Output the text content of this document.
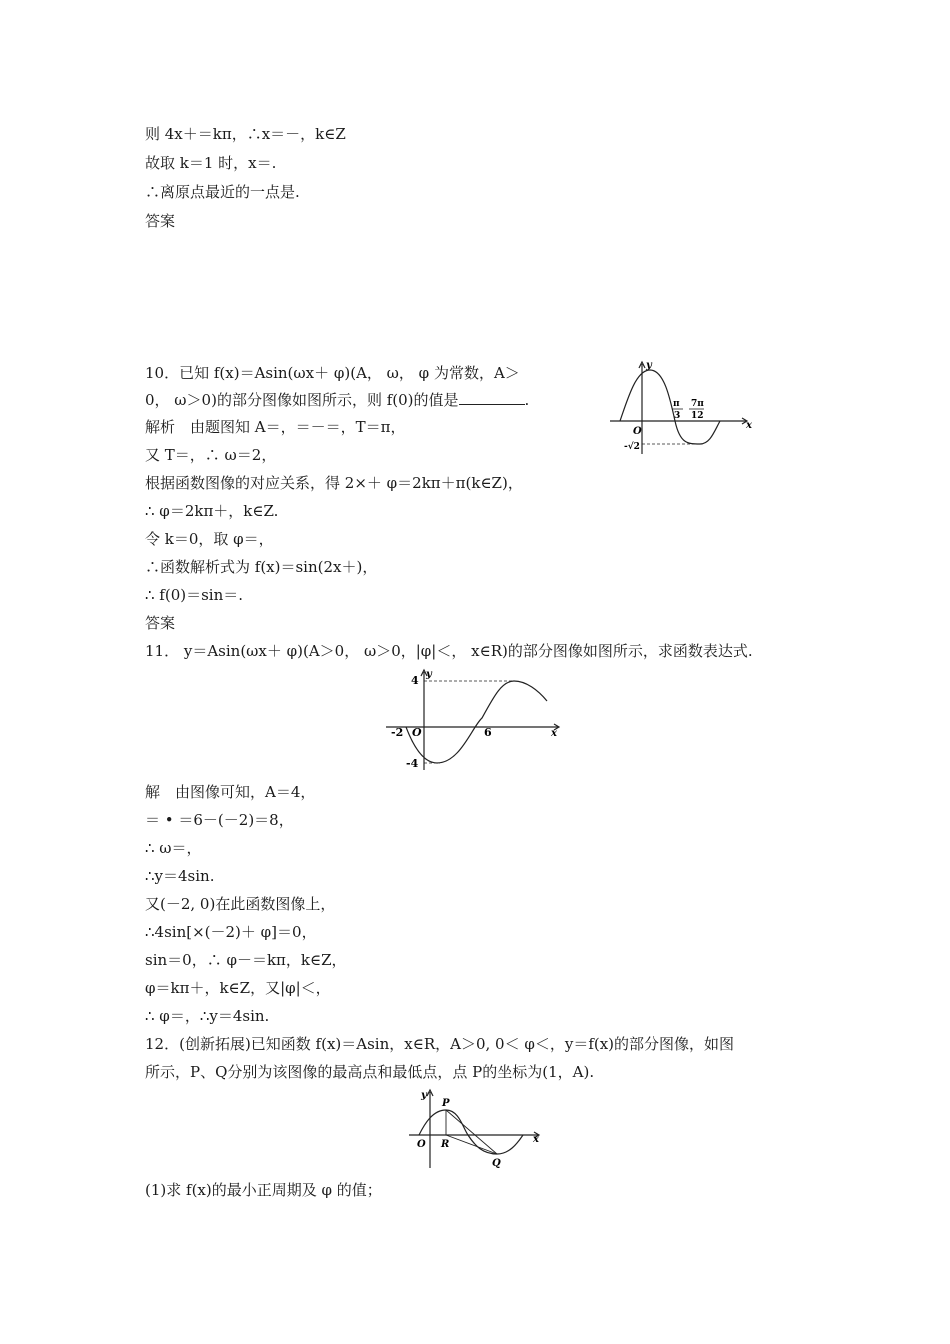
则 4x＋＝kπ，∴x＝－，k∈Z
故取 k＝1 时，x＝.
∴离原点最近的一点是.
答案
10．已知 f(x)＝Asin(ωx＋ φ)(A， ω， φ 为常数，A＞
0， ω＞0)的部分图像如图所示，则 f(0)的值是	.
解析　由题图知 A＝，＝－＝，T＝π，
又 T＝，∴ ω＝2，
根据函数图像的对应关系，得 2×＋ φ＝2kπ＋π(k∈Z)，
∴ φ＝2kπ＋，k∈Z.
令 k＝0，取 φ＝，
∴函数解析式为 f(x)＝sin(2x＋)，
∴ f(0)＝sin＝.
答案
11． y＝Asin(ωx＋ φ)(A＞0， ω＞0，|φ|＜， x∈R)的部分图像如图所示，求函数表达式.
解　由图像可知，A＝4，
＝ • ＝6－(－2)＝8，
∴ ω＝，
∴y＝4sin.
又(－2, 0)在此函数图像上，
∴4sin[×(－2)＋ φ]＝0，
sin＝0，∴ φ－＝kπ，k∈Z，
φ＝kπ＋，k∈Z，又|φ|＜，
∴ φ＝，∴y＝4sin.
12．(创新拓展)已知函数 f(x)＝Asin，x∈R，A＞0, 0＜ φ＜，y＝f(x)的部分图像，如图
所示，P、Q分别为该图像的最高点和最低点，点 P的坐标为(1，A).
(1)求 f(x)的最小正周期及 φ 的值；
y
x
O
π
3
7π
12
-√2
y
x
4
-4
-2 O	6
y
x
O
P
R
Q
